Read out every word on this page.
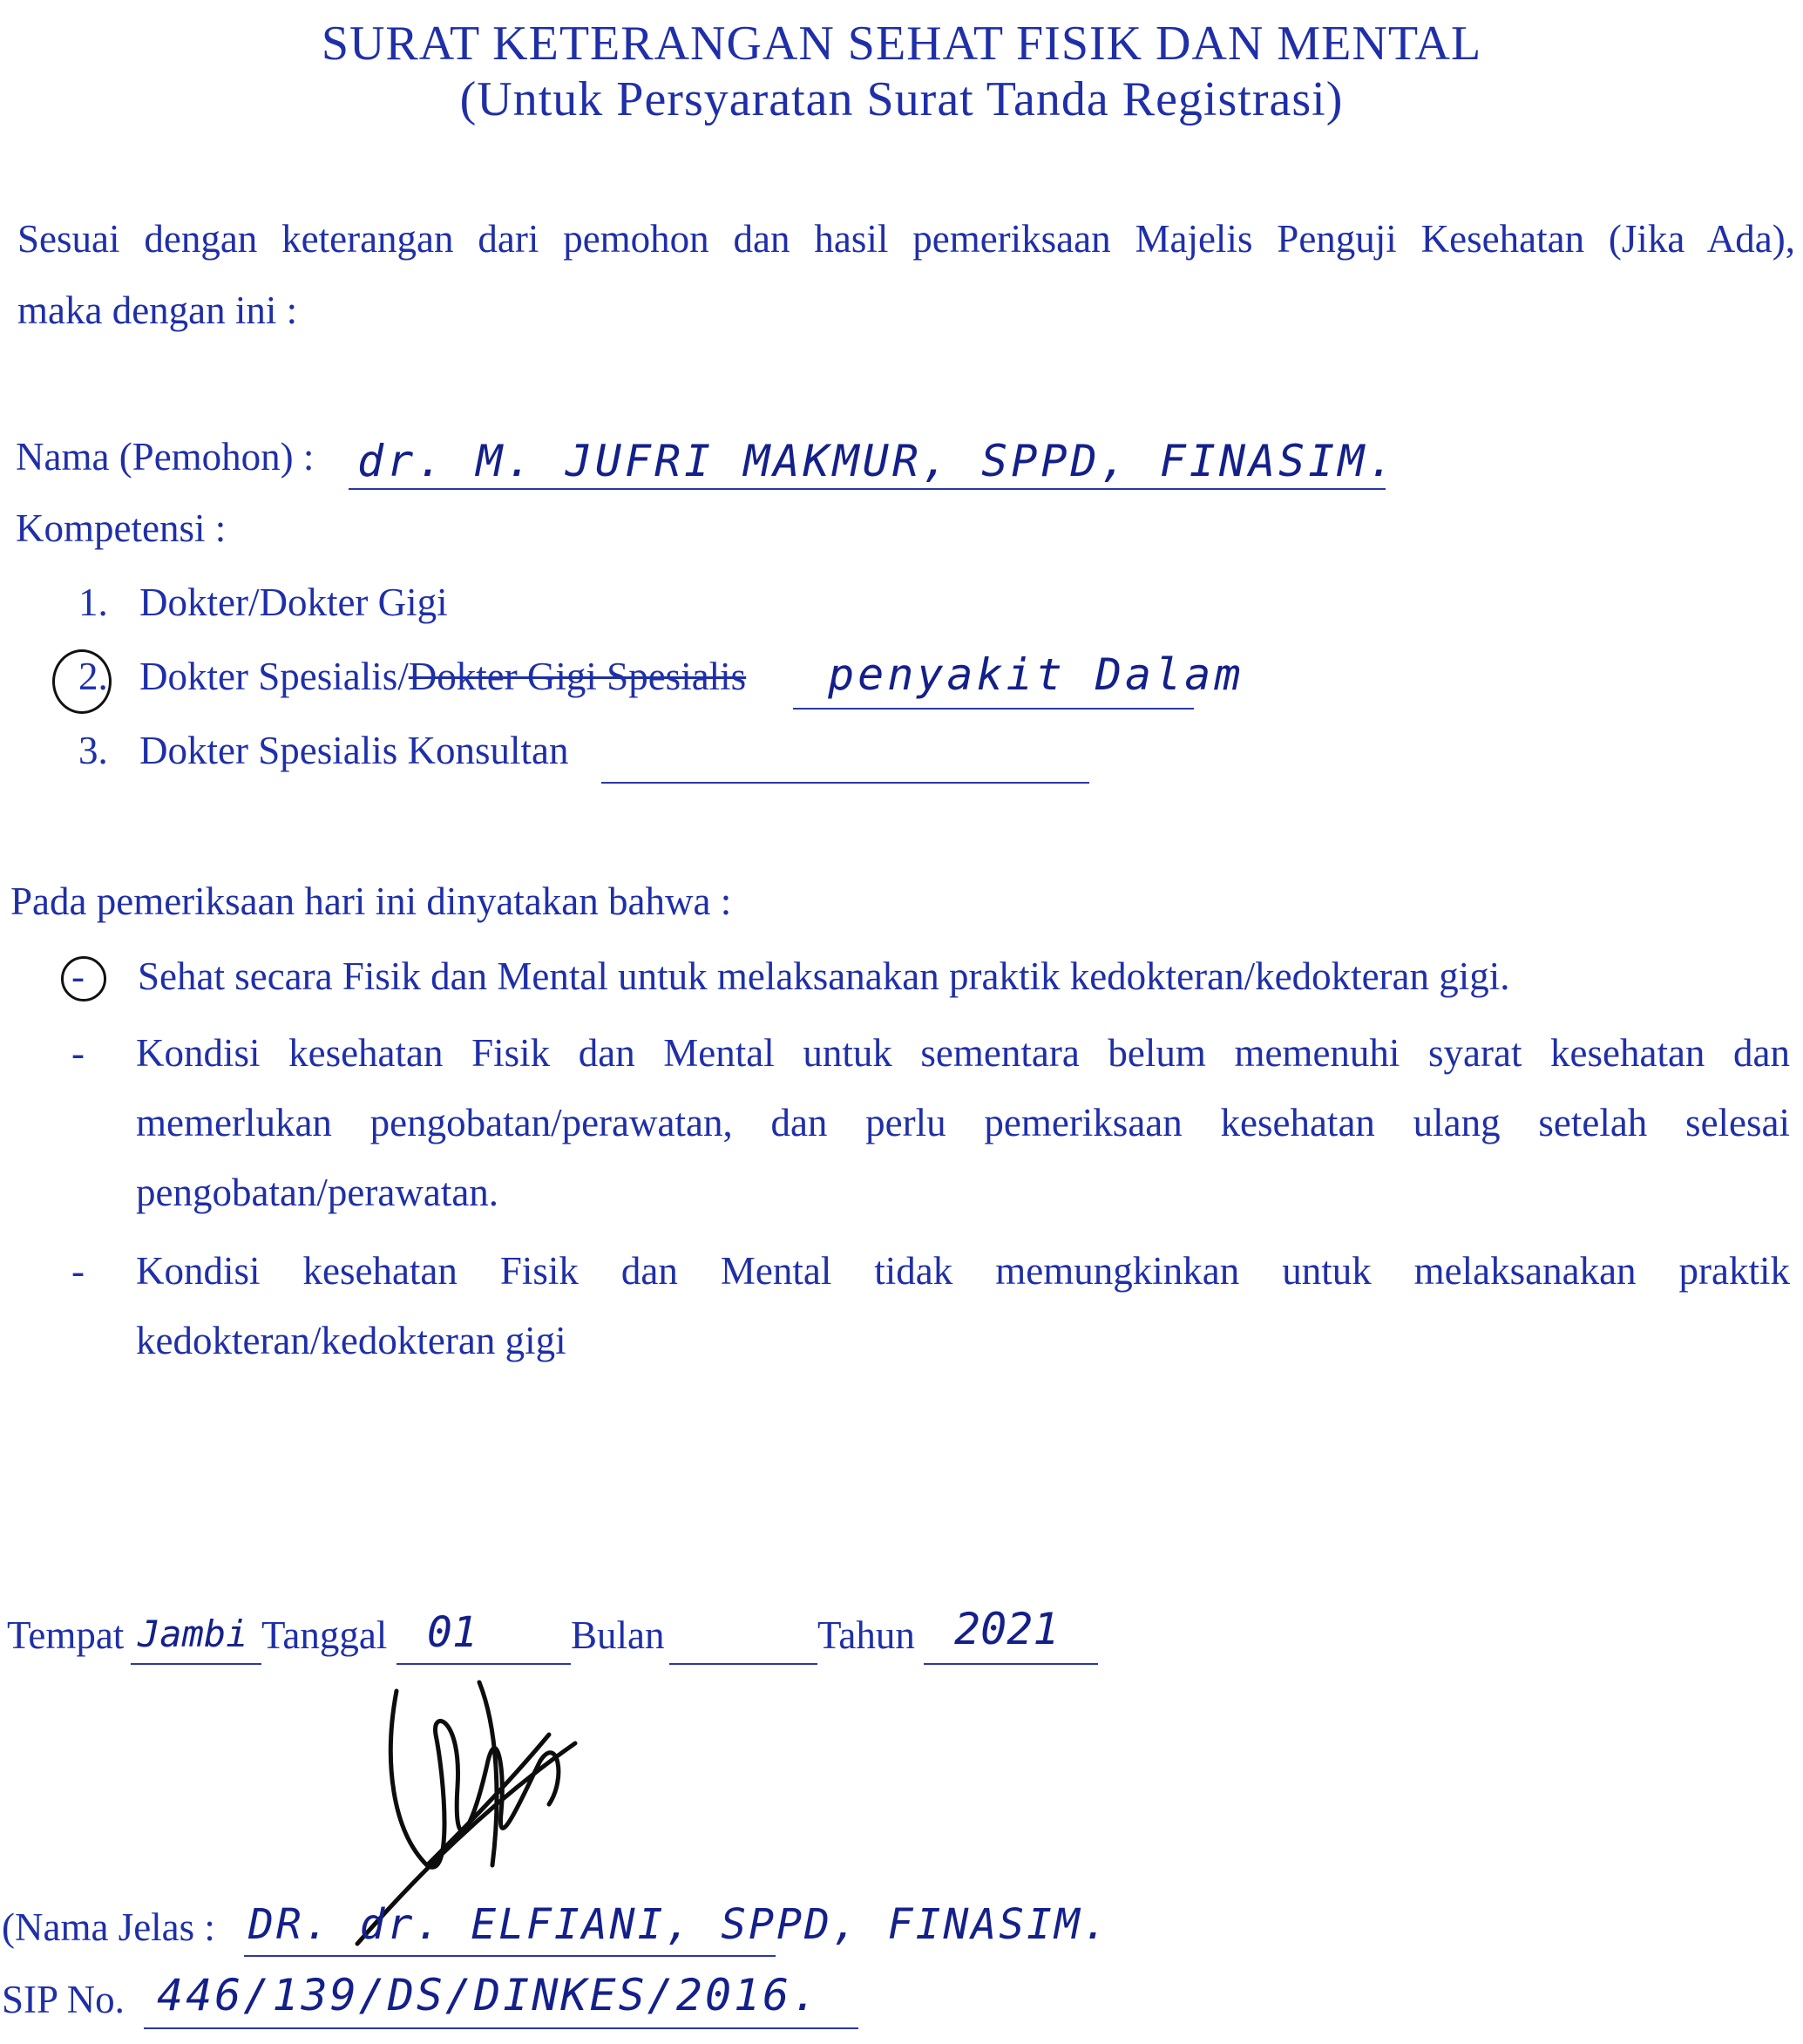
SURAT KETERANGAN SEHAT FISIK DAN MENTAL
(Untuk Persyaratan Surat Tanda Registrasi)
Sesuai dengan keterangan dari pemohon dan hasil pemeriksaan Majelis Penguji Kesehatan (Jika Ada),
maka dengan ini :
Nama (Pemohon) : dr. M. JUFRI MAKMUR, SPPD, FINASIM.
Kompetensi :
1. Dokter/Dokter Gigi
2. Dokter Spesialis/Dokter Gigi Spesialis penyakit Dalam
3. Dokter Spesialis Konsultan
Pada pemeriksaan hari ini dinyatakan bahwa :
- Sehat secara Fisik dan Mental untuk melaksanakan praktik kedokteran/kedokteran gigi.
- Kondisi kesehatan Fisik dan Mental untuk sementara belum memenuhi syarat kesehatan dan
memerlukan pengobatan/perawatan, dan perlu pemeriksaan kesehatan ulang setelah selesai
pengobatan/perawatan.
- Kondisi kesehatan Fisik dan Mental tidak memungkinkan untuk melaksanakan praktik
kedokteran/kedokteran gigi
Tempat Jambi Tanggal 01 Bulan	Tahun 2021
(Nama Jelas : DR. dr. ELFIANI, SPPD, FINASIM.
SIP No. 446/139/DS/DINKES/2016.
